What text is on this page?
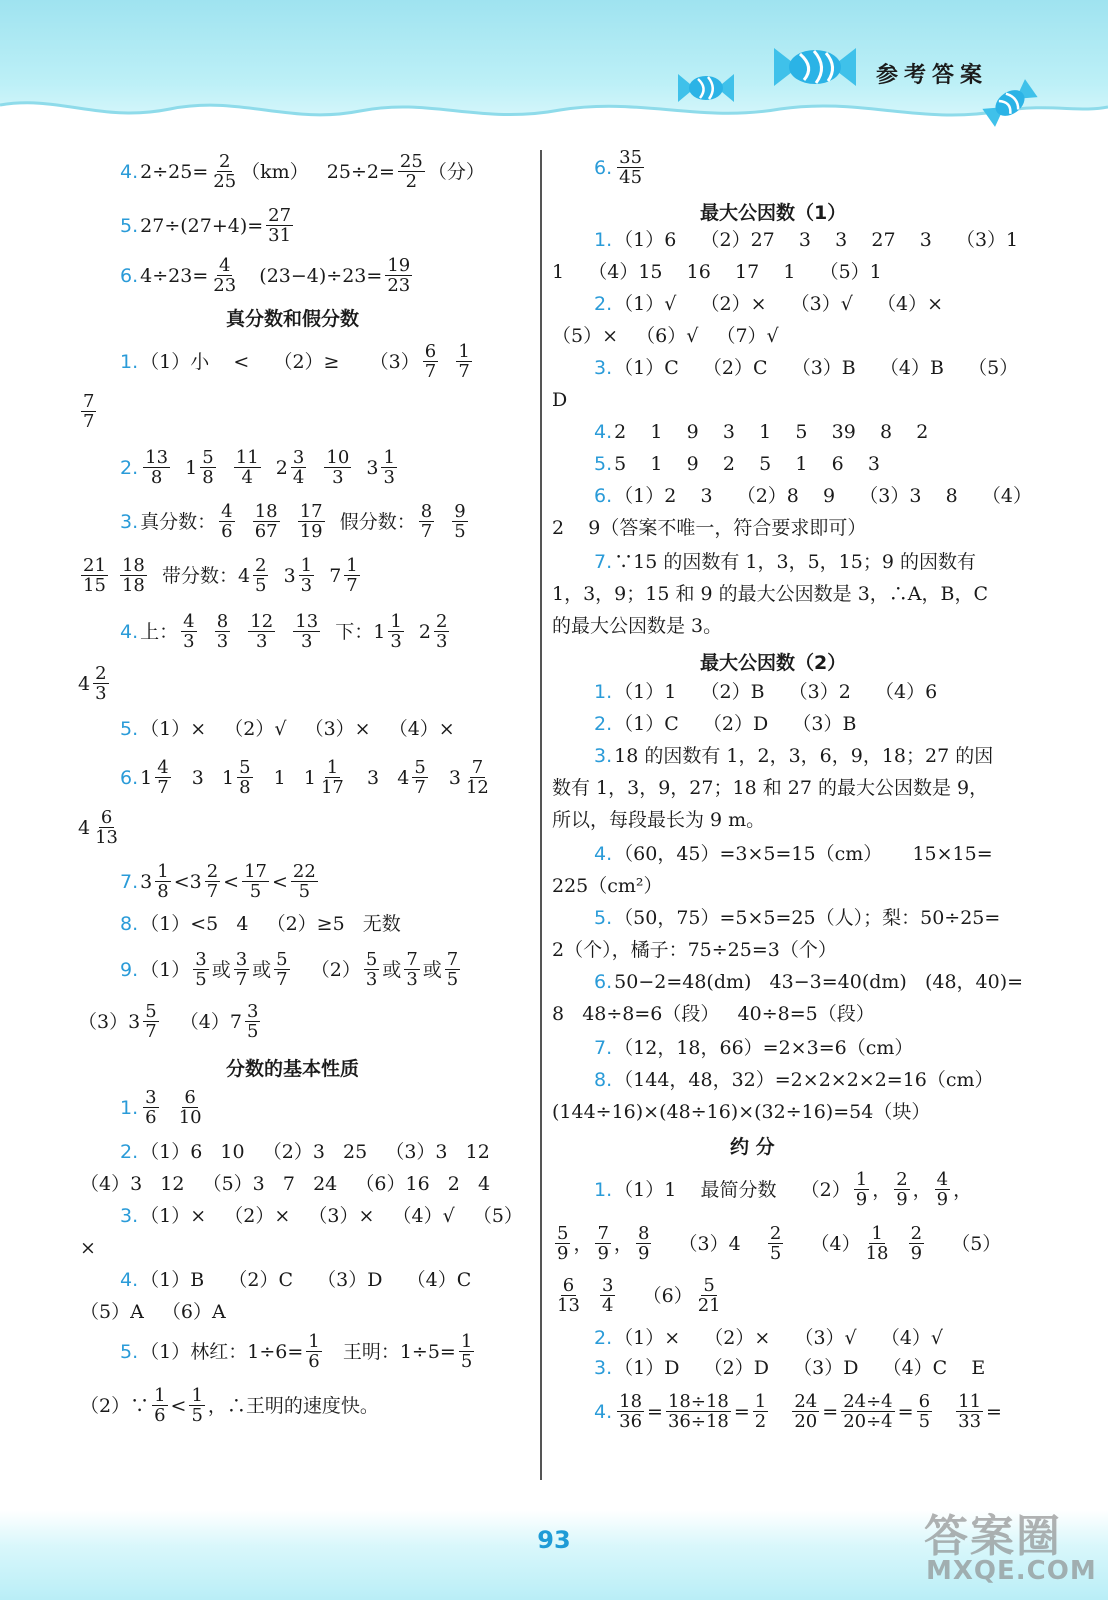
参考答案
4. $2\div 25= \frac{2}{25} (km)$   $25\div 2= \frac{25}{2}$ （分）
5. $27\div(27+4)= \frac{27}{31}$
6. $4\div 23= \frac{4}{23} (23-4)\div 23= \frac{19}{23}$
真分数和假分数
1. （1）小    <    （2）≥     $(3) \frac{6}{7}$
$\frac{1}{7}$
$\frac{7}{7}$
2. $\frac{13}{8} 1 \frac{5}{8}$
$\frac{11}{4} 2 \frac{3}{4}$
$\frac{10}{3} 3 \frac{1}{3}$
3. 真分数： $\frac{4}{6}$
$\frac{18}{67}$
$\frac{17}{19}$ 假分数： $\frac{8}{7}$
$\frac{9}{5}$
$\frac{21}{15}$
$\frac{18}{18}$ 带分数：$4 \frac{2}{5} 3 \frac{1}{3} 7 \frac{1}{7}$
4. 上： $\frac{4}{3}$
$\frac{8}{3}$
$\frac{12}{3}$
$\frac{13}{3}$ 下：$1 \frac{1}{3} 2 \frac{2}{3}$
$4 \frac{2}{3}$
5. （1）×   （2）√   （3）×   （4）×
6. $1 \frac{4}{7} 3$   $1 \frac{5}{8} 1$   $1 \frac{1}{17} 3$   $4 \frac{5}{7} 3 \frac{7}{12}$
$4 \frac{6}{13}$
7. $3 \frac{1}{8} <3 \frac{2}{7} < \frac{17}{5} < \frac{22}{5}$
8. （1）<5   4   （2）≥5   无数
9. $(1) \frac{3}{5}$ 或 $\frac{3}{7}$ 或 $\frac{5}{7} (2) \frac{5}{3}$ 或 $\frac{7}{3}$ 或 $\frac{7}{5}$
$(3)3 \frac{5}{7} (4)7 \frac{3}{5}$
分数的基本性质
1. $\frac{3}{6}$
$\frac{6}{10}$
2. （1）6   10   （2）3   25   （3）3   12
（4）3   12   （5）3   7   24   （6）16   2   4
3. （1）×   （2）×   （3）×   （4）√   （5）
×
4. （1）B    （2）C    （3）D    （4）C
（5）A   （6）A
5. （1）林红：$1\div 6= \frac{1}{6}$ 王明：$1\div 5= \frac{1}{5}$
（2）∵ $\frac{1}{6} < \frac{1}{5}$ ，∴王明的速度快。
6. $\frac{35}{45}$
最大公因数（1）
1. （1）6    （2）27    3    3    27    3    （3）1
1    （4）15    16    17    1    （5）1
2. （1）√    （2）×    （3）√    （4）×
（5）×   （6）√   （7）√
3. （1）C    （2）C    （3）B    （4）B    （5）
D
4. 2    1    9    3    1    5    39    8    2
5. 5    1    9    2    5    1    6    3
6. （1）2    3    （2）8    9    （3）3    8    （4）
2    9（答案不唯一，符合要求即可）
7. ∵15 的因数有 1，3，5，15；9 的因数有
1，3，9；15 和 9 的最大公因数是 3，∴A，B，C
的最大公因数是 3。
最大公因数（2）
1. （1）1    （2）B    （3）2    （4）6
2. （1）C    （2）D    （3）B
3. 18 的因数有 1，2，3，6，9，18；27 的因
数有 1，3，9，27；18 和 27 的最大公因数是 9，
所以，每段最长为 9 m。
4. （60，45）=3×5=15（cm）     15×15=
225（cm²）
5. （50，75）=5×5=25（人）；梨：50÷25=
2（个），橘子：75÷25=3（个）
6. 50−2=48(dm)   43−3=40(dm)   (48，40)=
8   48÷8=6（段）   40÷8=5（段）
7. （12，18，66）=2×3=6（cm）
8. （144，48，32）=2×2×2×2=16（cm）
(144÷16)×(48÷16)×(32÷16)=54（块）
约 分
1. （1）1    最简分数    $(2) \frac{1}{9}$ ， $\frac{2}{9}$ ， $\frac{4}{9}$ ，
$\frac{5}{9}$ ， $\frac{7}{9}$ ， $\frac{8}{9} (3)4 \frac{2}{5} (4) \frac{1}{18}$
$\frac{2}{9} (5)$
$\frac{6}{13}$
$\frac{3}{4} (6) \frac{5}{21}$
2. （1）×    （2）×    （3）√    （4）√
3. （1）D    （2）D    （3）D    （4）C    E
4. $\frac{18}{36} = \frac{18\div 18}{36\div 18} = \frac{1}{2}$
$\frac{24}{20} = \frac{24\div 4}{20\div 4} = \frac{6}{5}$
$\frac{11}{33}$ =
93	答案圈
MXQE.COM
